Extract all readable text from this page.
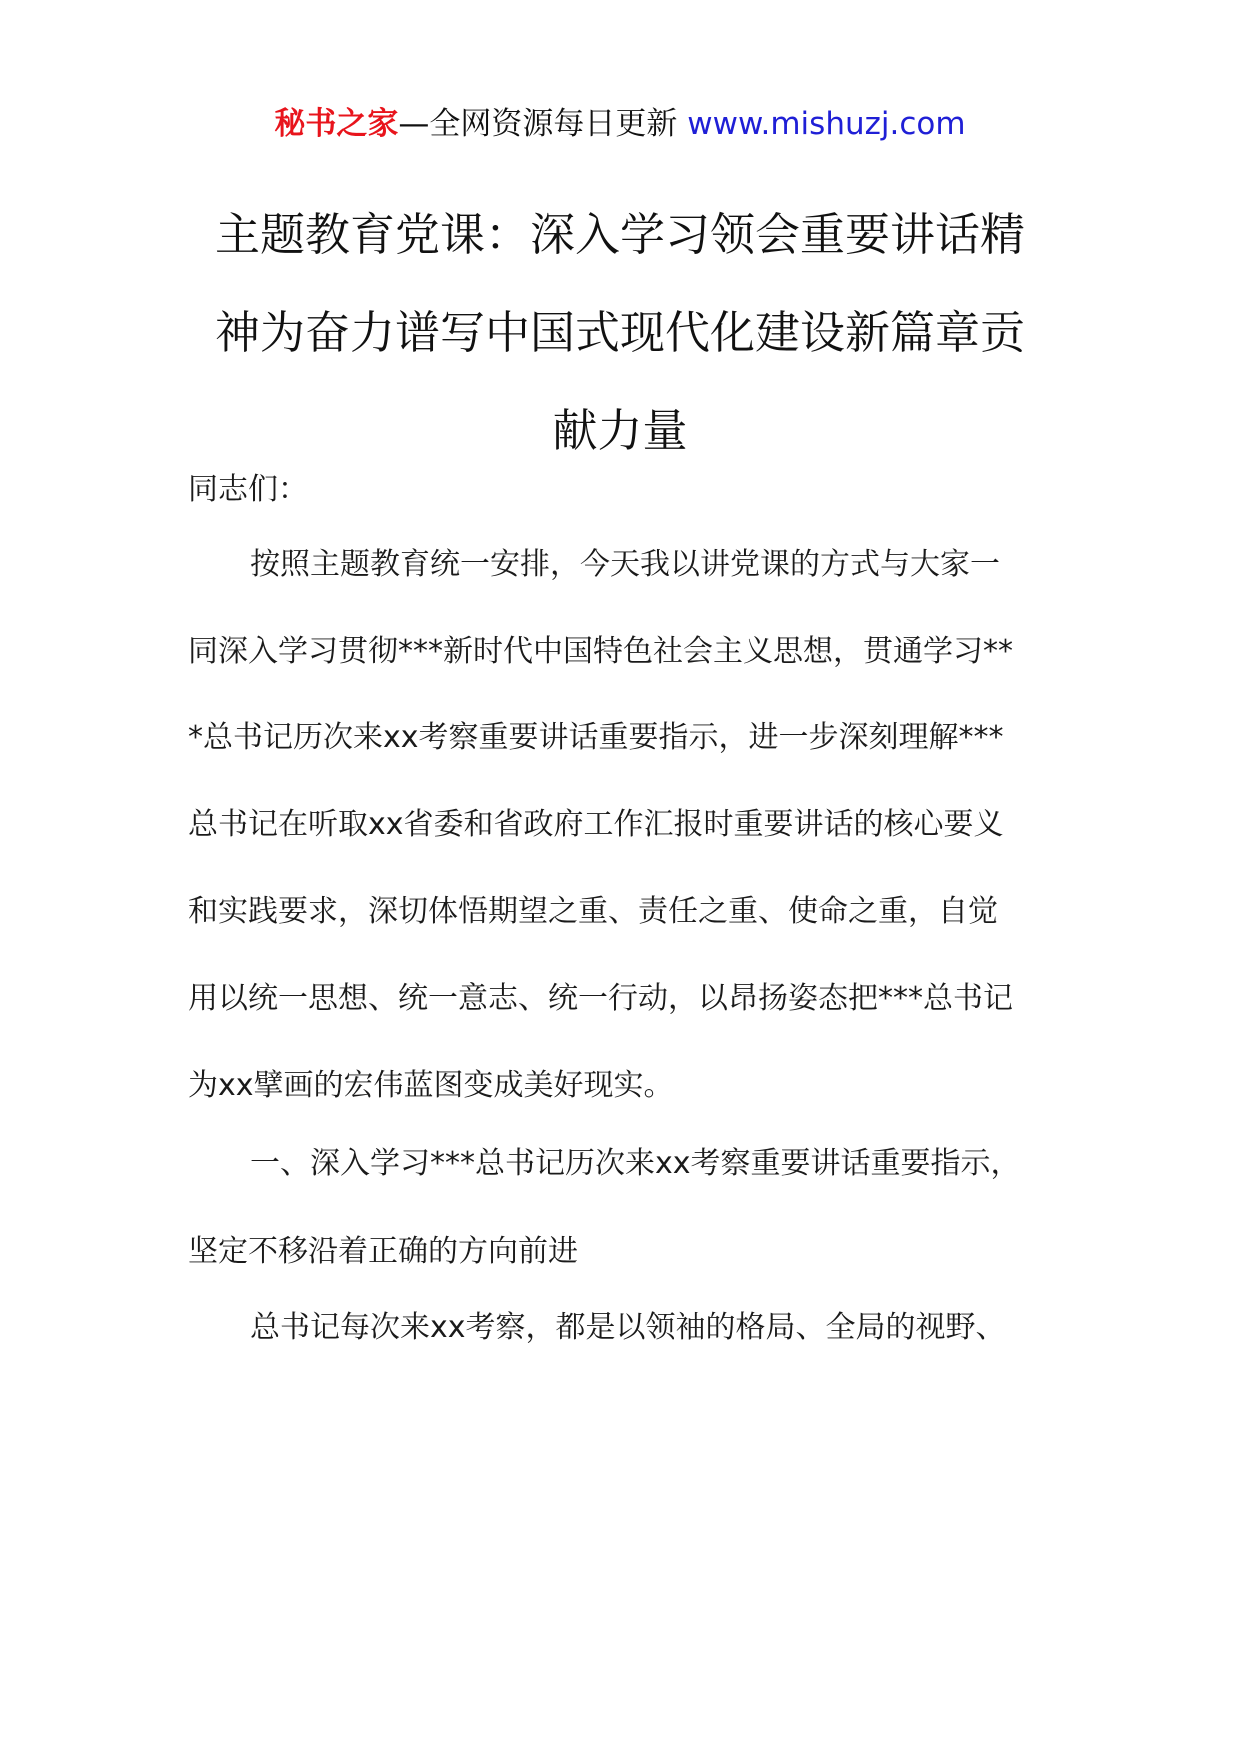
秘书之家—全网资源每日更新 www.mishuzj.com
主题教育党课：深入学习领会重要讲话精
神为奋力谱写中国式现代化建设新篇章贡
献力量
同志们：
按照主题教育统一安排，今天我以讲党课的方式与大家一
同深入学习贯彻***新时代中国特色社会主义思想，贯通学习**
*总书记历次来xx考察重要讲话重要指示，进一步深刻理解***
总书记在听取xx省委和省政府工作汇报时重要讲话的核心要义
和实践要求，深切体悟期望之重、责任之重、使命之重，自觉
用以统一思想、统一意志、统一行动，以昂扬姿态把***总书记
为xx擘画的宏伟蓝图变成美好现实。
一、深入学习***总书记历次来xx考察重要讲话重要指示，
坚定不移沿着正确的方向前进
总书记每次来xx考察，都是以领袖的格局、全局的视野、
